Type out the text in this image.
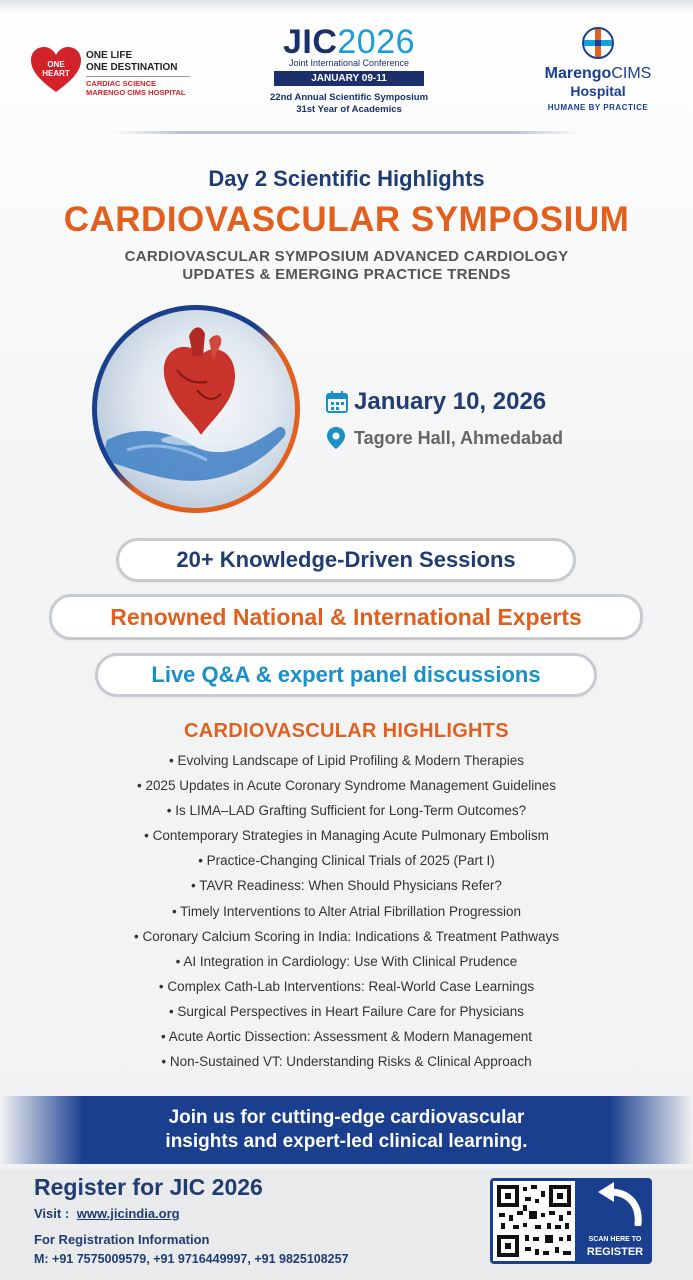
ONE
HEART
ONE LIFE
ONE DESTINATION
CARDIAC SCIENCE
MARENGO CIMS HOSPITAL
JIC2026
Joint International Conference
JANUARY 09-11
22nd Annual Scientific Symposium
31st Year of Academics
MarengoCIMS
Hospital
HUMANE BY PRACTICE
Day 2 Scientific Highlights
CARDIOVASCULAR SYMPOSIUM
CARDIOVASCULAR SYMPOSIUM ADVANCED CARDIOLOGY UPDATES & EMERGING PRACTICE TRENDS
January 10, 2026
Tagore Hall, Ahmedabad
20+ Knowledge-Driven Sessions
Renowned National & International Experts
Live Q&A & expert panel discussions
CARDIOVASCULAR HIGHLIGHTS
• Evolving Landscape of Lipid Profiling & Modern Therapies
• 2025 Updates in Acute Coronary Syndrome Management Guidelines
• Is LIMA–LAD Grafting Sufficient for Long-Term Outcomes?
• Contemporary Strategies in Managing Acute Pulmonary Embolism
• Practice-Changing Clinical Trials of 2025 (Part I)
• TAVR Readiness: When Should Physicians Refer?
• Timely Interventions to Alter Atrial Fibrillation Progression
• Coronary Calcium Scoring in India: Indications & Treatment Pathways
• AI Integration in Cardiology: Use With Clinical Prudence
• Complex Cath-Lab Interventions: Real-World Case Learnings
• Surgical Perspectives in Heart Failure Care for Physicians
• Acute Aortic Dissection: Assessment & Modern Management
• Non-Sustained VT: Understanding Risks & Clinical Approach
Join us for cutting-edge cardiovascular
insights and expert-led clinical learning.
Register for JIC 2026
Visit : www.jicindia.org
For Registration Information
M: +91 7575009579, +91 9716449997, +91 9825108257
SCAN HERE TO
REGISTER
